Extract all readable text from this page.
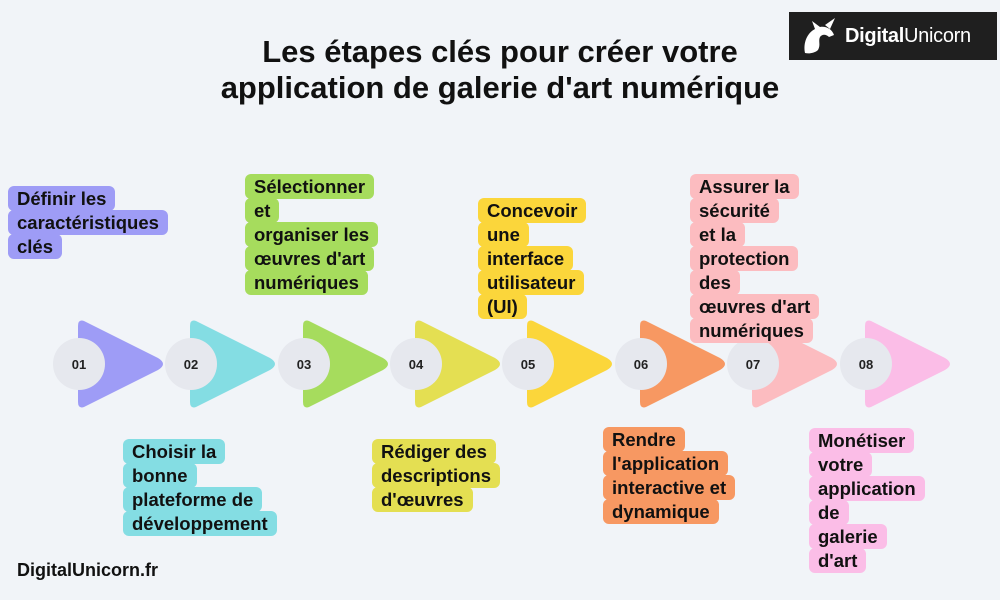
DigitalUnicorn
Les étapes clés pour créer votre
application de galerie d'art numérique
01
Définir les
caractéristiques
clés
02
Choisir la bonne
plateforme de
développement
03
Sélectionner et
organiser les
œuvres d'art
numériques
04
Rédiger des
descriptions
d'œuvres
05
Concevoir
une interface
utilisateur (UI)
06
Rendre
l'application
interactive et
dynamique
07
Assurer la sécurité
et la protection des
œuvres d'art
numériques
08
Monétiser votre
application de
galerie d'art
DigitalUnicorn.fr
